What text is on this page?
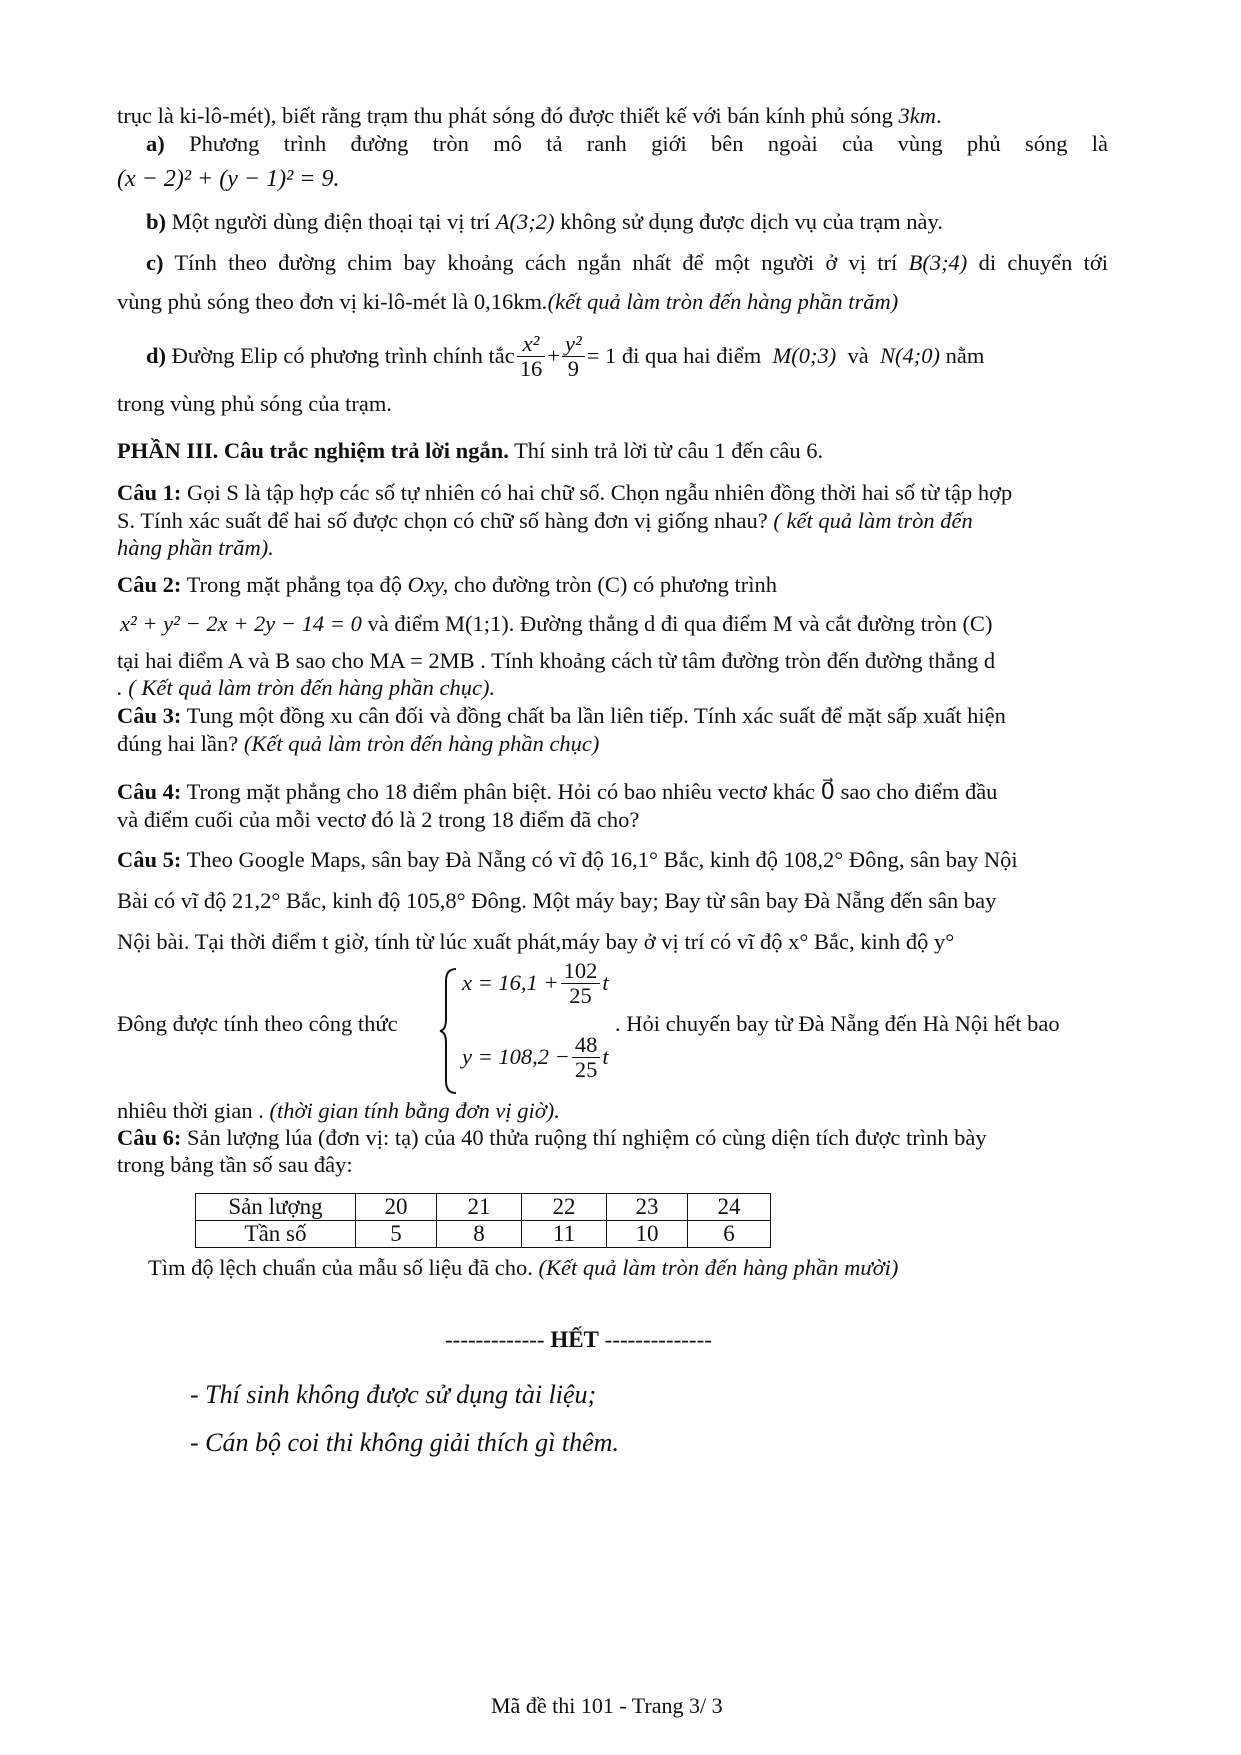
trục là ki-lô-mét), biết rằng trạm thu phát sóng đó được thiết kế với bán kính phủ sóng 3km.
a) Phương trình đường tròn mô tả ranh giới bên ngoài của vùng phủ sóng là
(x − 2)² + (y − 1)² = 9.
b) Một người dùng điện thoại tại vị trí A(3;2) không sử dụng được dịch vụ của trạm này.
c) Tính theo đường chim bay khoảng cách ngắn nhất để một người ở vị trí B(3;4) di chuyển tới
vùng phủ sóng theo đơn vị ki-lô-mét là 0,16km.(kết quả làm tròn đến hàng phần trăm)
d)
Đường Elip có phương trình chính tắc $\frac{\text{x²}}{16} + \frac{\text{y²}}{9} = 1$
đi qua hai điểm
M(0;3)
và
N(4;0)
nằm
trong vùng phủ sóng của trạm.
PHẦN III. Câu trắc nghiệm trả lời ngắn. Thí sinh trả lời từ câu 1 đến câu 6.
Câu 1: Gọi S là tập hợp các số tự nhiên có hai chữ số. Chọn ngẫu nhiên đồng thời hai số từ tập hợp
S. Tính xác suất để hai số được chọn có chữ số hàng đơn vị giống nhau? ( kết quả làm tròn đến
hàng phần trăm).
Câu 2: Trong mặt phẳng tọa độ Oxy, cho đường tròn (C) có phương trình
x² + y² − 2x + 2y − 14 = 0 và điểm M(1;1). Đường thẳng d đi qua điểm M và cắt đường tròn (C)
tại hai điểm A và B sao cho MA = 2MB . Tính khoảng cách từ tâm đường tròn đến đường thẳng d
. ( Kết quả làm tròn đến hàng phần chục).
Câu 3: Tung một đồng xu cân đối và đồng chất ba lần liên tiếp. Tính xác suất để mặt sấp xuất hiện
đúng hai lần? (Kết quả làm tròn đến hàng phần chục)
Câu 4: Trong mặt phẳng cho 18 điểm phân biệt. Hỏi có bao nhiêu vectơ khác 0⃗ sao cho điểm đầu
và điểm cuối của mỗi vectơ đó là 2 trong 18 điểm đã cho?
Câu 5: Theo Google Maps, sân bay Đà Nẵng có vĩ độ 16,1° Bắc, kinh độ 108,2° Đông, sân bay Nội
Bài có vĩ độ 21,2° Bắc, kinh độ 105,8° Đông. Một máy bay; Bay từ sân bay Đà Nẵng đến sân bay
Nội bài. Tại thời điểm t giờ, tính từ lúc xuất phát,máy bay ở vị trí có vĩ độ x° Bắc, kinh độ y°
Đông được tính theo công thức
$x = 16,1 + \frac{102}{25}$ t
$y = 108,2 - \frac{48}{25}$ t
. Hỏi chuyến bay từ Đà Nẵng đến Hà Nội hết bao
nhiêu thời gian . (thời gian tính bằng đơn vị giờ).
Câu 6: Sản lượng lúa (đơn vị: tạ) của 40 thửa ruộng thí nghiệm có cùng diện tích được trình bày
trong bảng tần số sau đây:
Sản lượng	20	21	22	23	24
Tần số	5	8	11	10	6
Tìm độ lệch chuẩn của mẫu số liệu đã cho. (Kết quả làm tròn đến hàng phần mười)
------------- HẾT --------------
- Thí sinh không được sử dụng tài liệu;
- Cán bộ coi thi không giải thích gì thêm.
Mã đề thi 101 - Trang 3/ 3
